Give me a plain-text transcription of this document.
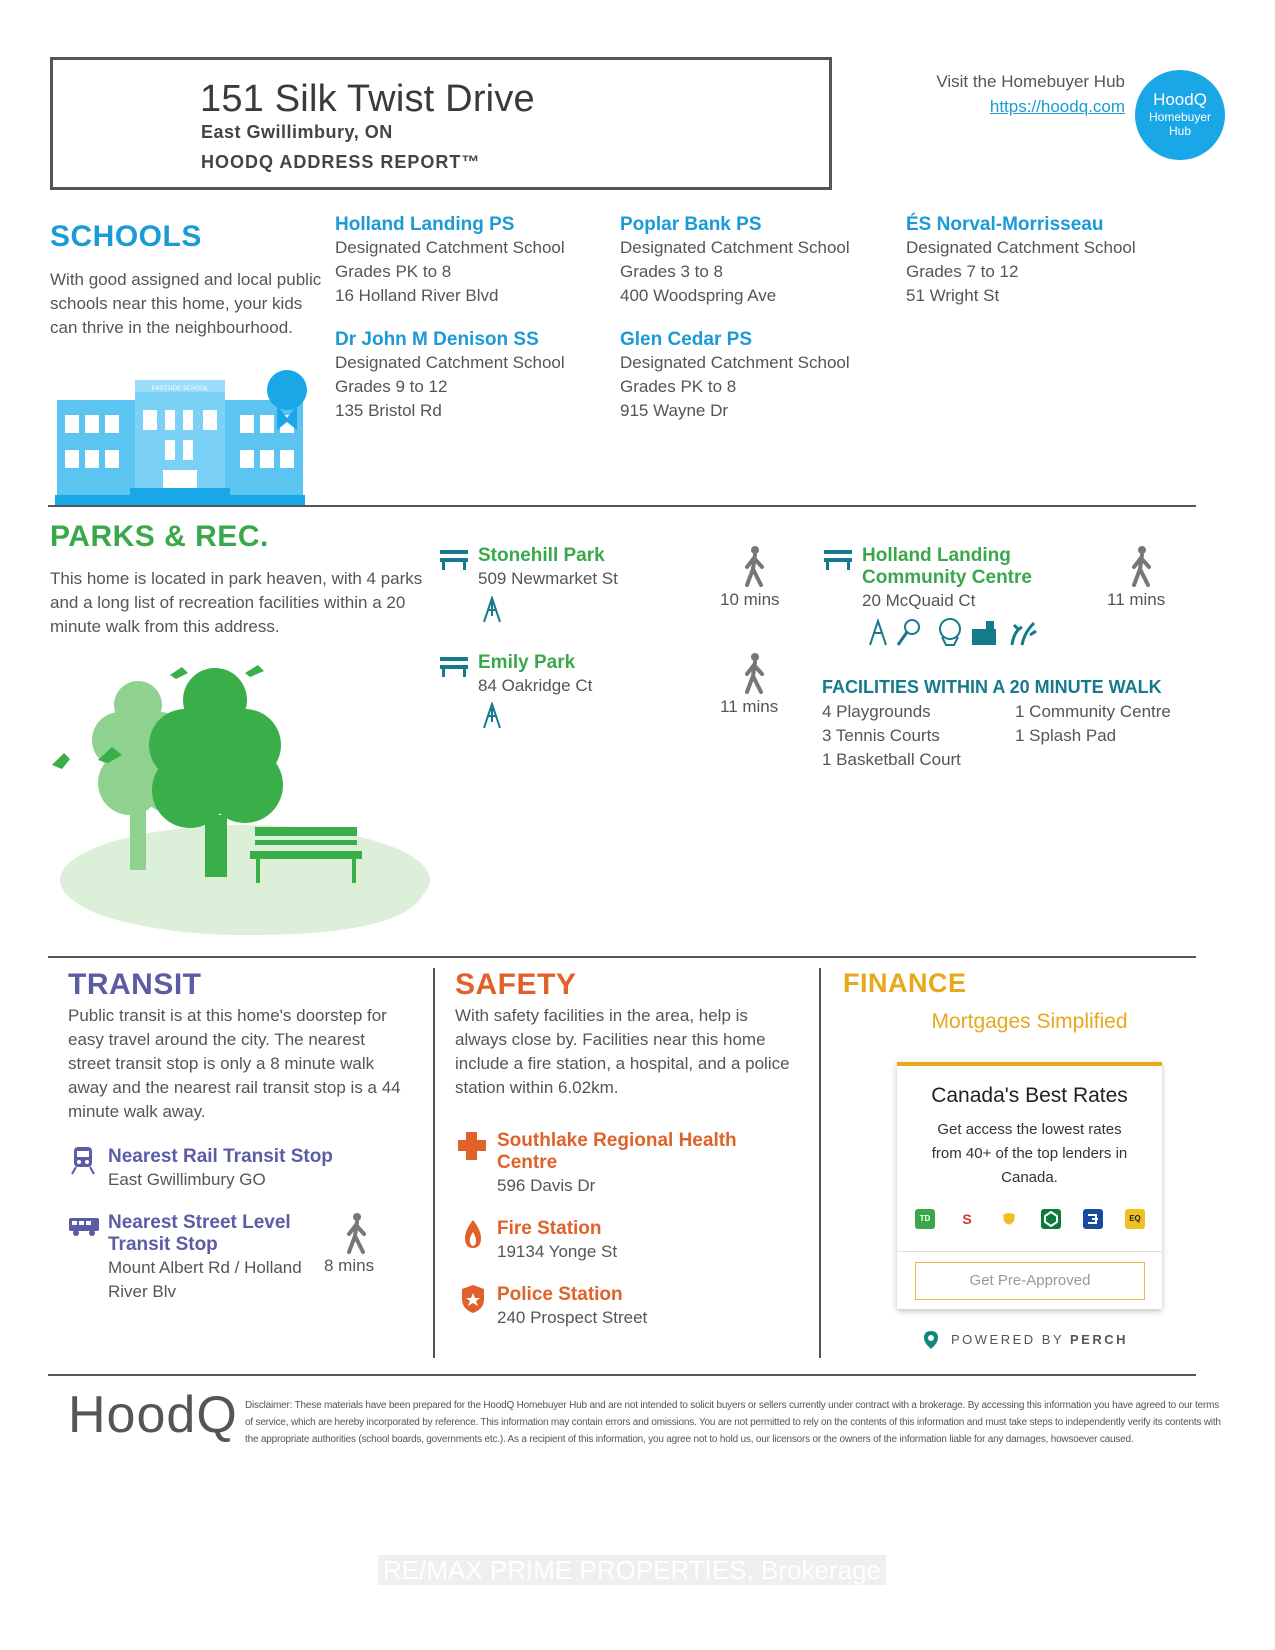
151 Silk Twist Drive
East Gwillimbury, ON
HOODQ ADDRESS REPORT™
Visit the Homebuyer Hub
https://hoodq.com	HoodQ
Homebuyer
Hub
SCHOOLS
With good assigned and local public
schools near this home, your kids
can thrive in the neighbourhood.
EASTSIDE SCHOOL
Holland Landing PS
Designated Catchment School
Grades PK to 8
16 Holland River Blvd
Poplar Bank PS
Designated Catchment School
Grades 3 to 8
400 Woodspring Ave
ÉS Norval-Morrisseau
Designated Catchment School
Grades 7 to 12
51 Wright St
Dr John M Denison SS
Designated Catchment School
Grades 9 to 12
135 Bristol Rd
Glen Cedar PS
Designated Catchment School
Grades PK to 8
915 Wayne Dr
PARKS & REC.
This home is located in park heaven, with 4 parks
and a long list of recreation facilities within a 20
minute walk from this address.
Stonehill Park
509 Newmarket St
10 mins
Emily Park
84 Oakridge Ct
11 mins
Holland Landing
Community Centre
20 McQuaid Ct	11 mins
FACILITIES WITHIN A 20 MINUTE WALK
4 Playgrounds
3 Tennis Courts
1 Basketball Court
1 Community Centre
1 Splash Pad
TRANSIT
Public transit is at this home's doorstep for
easy travel around the city. The nearest
street transit stop is only a 8 minute walk
away and the nearest rail transit stop is a 44
minute walk away.
Nearest Rail Transit Stop
East Gwillimbury GO
Nearest Street Level
Transit Stop
Mount Albert Rd / Holland
River Blv
8 mins
SAFETY
With safety facilities in the area, help is
always close by. Facilities near this home
include a fire station, a hospital, and a police
station within 6.02km.
Southlake Regional Health
Centre
596 Davis Dr
Fire Station
19134 Yonge St
Police Station
240 Prospect Street
FINANCE
Mortgages Simplified
Canada's Best Rates
Get access the lowest rates
from 40+ of the top lenders in
Canada.
TD	S	EQ
Get Pre-Approved
POWERED BY PERCH
HoodQ Disclaimer: These materials have been prepared for the HoodQ Homebuyer Hub and are not intended to solicit buyers or sellers currently under contract with a brokerage. By accessing this information you have agreed to our terms of service, which are hereby incorporated by reference. This information may contain errors and omissions. You are not permitted to rely on the contents of this information and must take steps to independently verify its contents with the appropriate authorities (school boards, governments etc.). As a recipient of this information, you agree not to hold us, our licensors or the owners of the information liable for any damages, howsoever caused.
RE/MAX PRIME PROPERTIES, Brokerage
